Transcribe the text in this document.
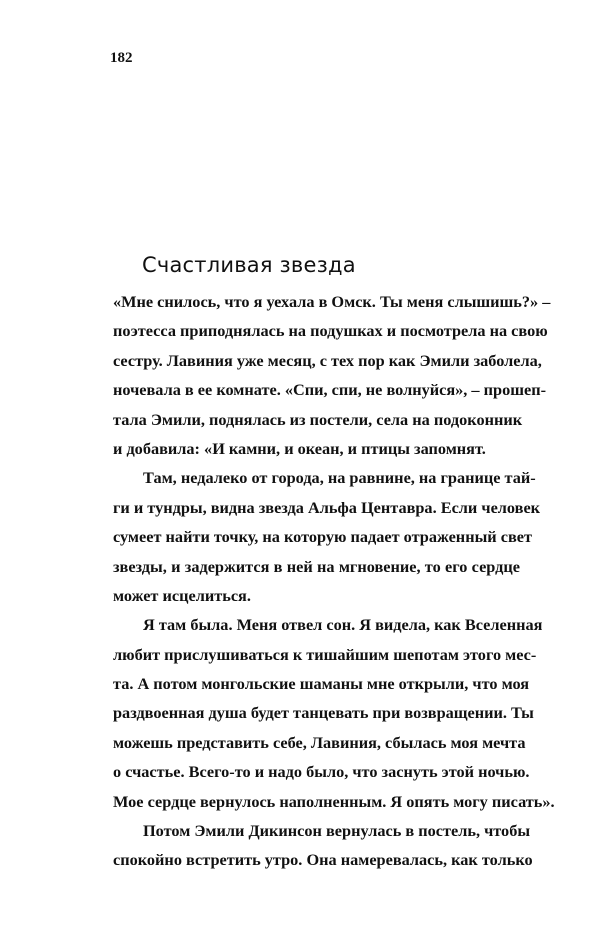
182
Счастливая звезда
«Мне снилось, что я уехала в Омск. Ты меня слышишь?» –
поэтесса приподнялась на подушках и посмотрела на свою
сестру. Лавиния уже месяц, с тех пор как Эмили заболела,
ночевала в ее комнате. «Спи, спи, не волнуйся», – прошеп-
тала Эмили, поднялась из постели, села на подоконник
и добавила: «И камни, и океан, и птицы запомнят.
Там, недалеко от города, на равнине, на границе тай-
ги и тундры, видна звезда Альфа Центавра. Если человек
сумеет найти точку, на которую падает отраженный свет
звезды, и задержится в ней на мгновение, то его сердце
может исцелиться.
Я там была. Меня отвел сон. Я видела, как Вселенная
любит прислушиваться к тишайшим шепотам этого мес-
та. А потом монгольские шаманы мне открыли, что моя
раздвоенная душа будет танцевать при возвращении. Ты
можешь представить себе, Лавиния, сбылась моя мечта
о счастье. Всего-то и надо было, что заснуть этой ночью.
Мое сердце вернулось наполненным. Я опять могу писать».
Потом Эмили Дикинсон вернулась в постель, чтобы
спокойно встретить утро. Она намеревалась, как только
